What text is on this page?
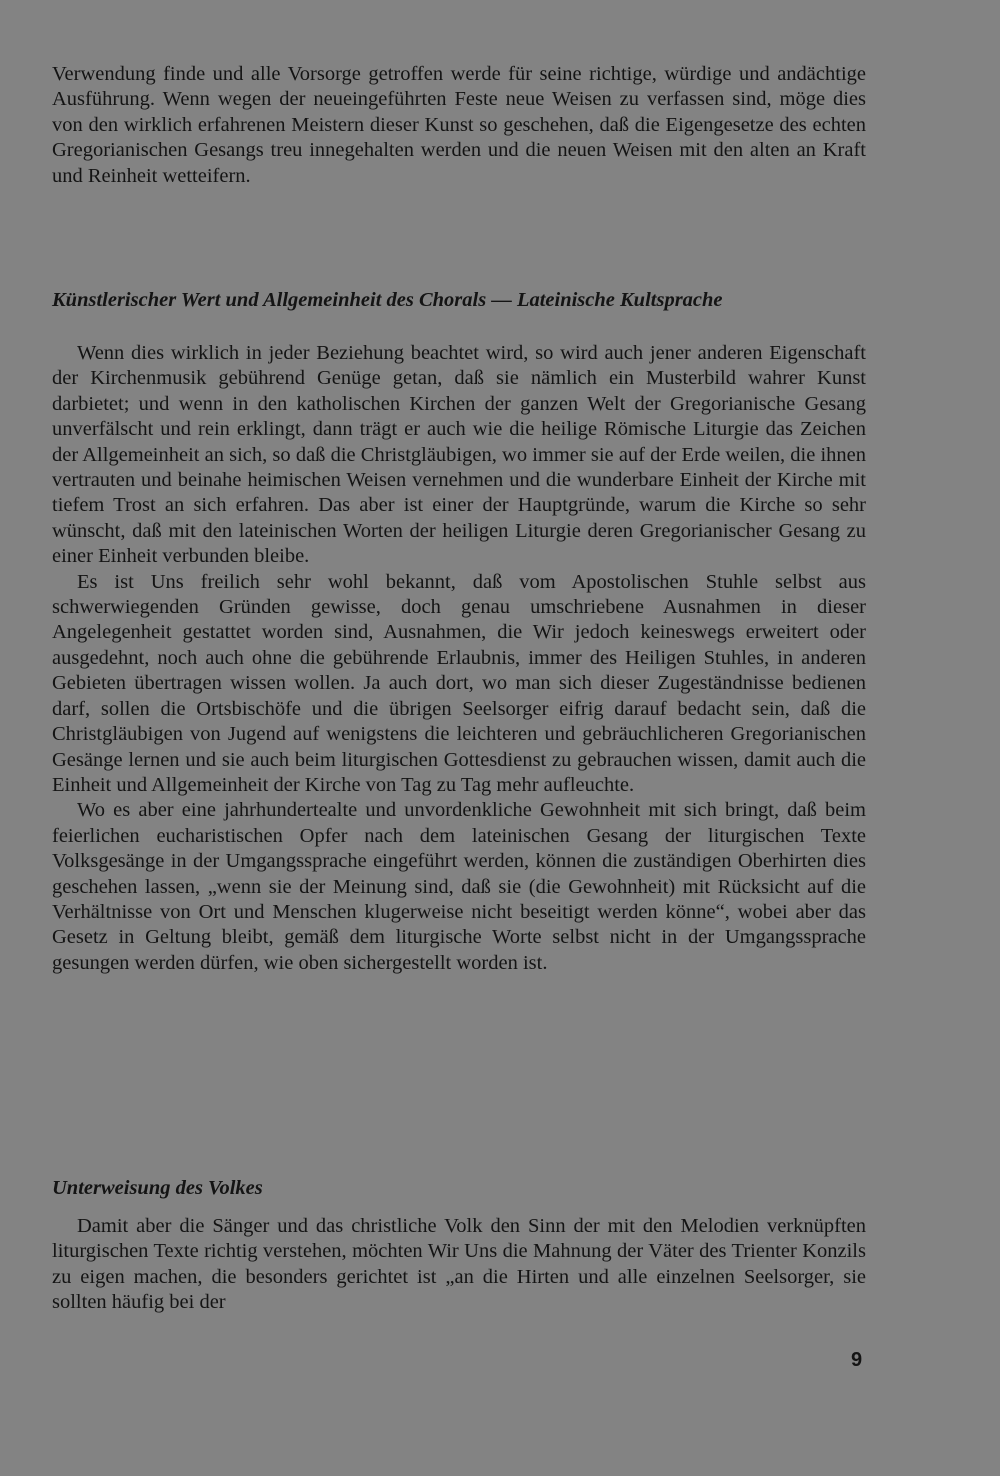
Verwendung finde und alle Vorsorge getroffen werde für seine richtige, würdige und andächtige Ausführung. Wenn wegen der neueingeführten Feste neue Weisen zu verfassen sind, möge dies von den wirklich erfahrenen Meistern dieser Kunst so geschehen, daß die Eigengesetze des echten Gregorianischen Gesangs treu innegehalten werden und die neuen Weisen mit den alten an Kraft und Reinheit wetteifern.

Künstlerischer Wert und Allgemeinheit des Chorals — Lateinische Kultsprache

Wenn dies wirklich in jeder Beziehung beachtet wird, so wird auch jener anderen Eigenschaft der Kirchenmusik gebührend Genüge getan, daß sie nämlich ein Musterbild wahrer Kunst darbietet; und wenn in den katholischen Kirchen der ganzen Welt der Gregorianische Gesang unverfälscht und rein erklingt, dann trägt er auch wie die heilige Römische Liturgie das Zeichen der Allgemeinheit an sich, so daß die Christgläubigen, wo immer sie auf der Erde weilen, die ihnen vertrauten und beinahe heimischen Weisen vernehmen und die wunderbare Einheit der Kirche mit tiefem Trost an sich erfahren. Das aber ist einer der Hauptgründe, warum die Kirche so sehr wünscht, daß mit den lateinischen Worten der heiligen Liturgie deren Gregorianischer Gesang zu einer Einheit verbunden bleibe.

Es ist Uns freilich sehr wohl bekannt, daß vom Apostolischen Stuhle selbst aus schwerwiegenden Gründen gewisse, doch genau umschriebene Ausnahmen in dieser Angelegenheit gestattet worden sind, Ausnahmen, die Wir jedoch keineswegs erweitert oder ausgedehnt, noch auch ohne die gebührende Erlaubnis, immer des Heiligen Stuhles, in anderen Gebieten übertragen wissen wollen. Ja auch dort, wo man sich dieser Zugeständnisse bedienen darf, sollen die Ortsbischöfe und die übrigen Seelsorger eifrig darauf bedacht sein, daß die Christgläubigen von Jugend auf wenigstens die leichteren und gebräuchlicheren Gregorianischen Gesänge lernen und sie auch beim liturgischen Gottesdienst zu gebrauchen wissen, damit auch die Einheit und Allgemeinheit der Kirche von Tag zu Tag mehr aufleuchte.

Wo es aber eine jahrhundertealte und unvordenkliche Gewohnheit mit sich bringt, daß beim feierlichen eucharistischen Opfer nach dem lateinischen Gesang der liturgischen Texte Volksgesänge in der Umgangssprache eingeführt werden, können die zuständigen Oberhirten dies geschehen lassen, „wenn sie der Meinung sind, daß sie (die Gewohnheit) mit Rücksicht auf die Verhältnisse von Ort und Menschen klugerweise nicht beseitigt werden könne“, wobei aber das Gesetz in Geltung bleibt, gemäß dem liturgische Worte selbst nicht in der Umgangssprache gesungen werden dürfen, wie oben sichergestellt worden ist.

Unterweisung des Volkes

Damit aber die Sänger und das christliche Volk den Sinn der mit den Melodien verknüpften liturgischen Texte richtig verstehen, möchten Wir Uns die Mahnung der Väter des Trienter Konzils zu eigen machen, die besonders gerichtet ist „an die Hirten und alle einzelnen Seelsorger, sie sollten häufig bei der

9
